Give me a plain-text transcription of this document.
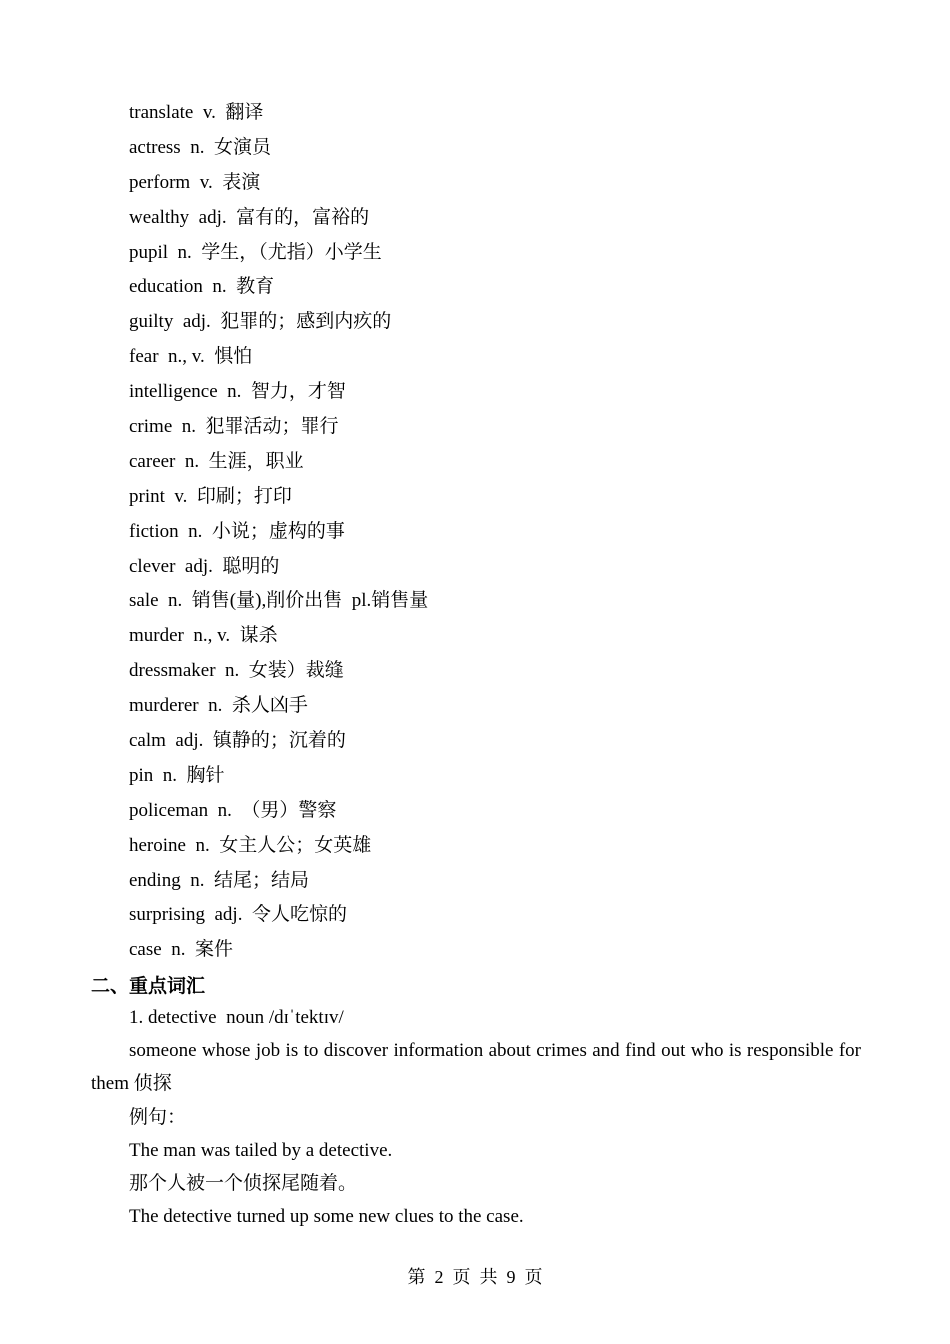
translate  v.  翻译
actress  n.  女演员
perform  v.  表演
wealthy  adj.  富有的，富裕的
pupil  n.  学生，（尤指）小学生
education  n.  教育
guilty  adj.  犯罪的；感到内疚的
fear  n., v.  惧怕
intelligence  n.  智力，才智
crime  n.  犯罪活动；罪行
career  n.  生涯，职业
print  v.  印刷；打印
fiction  n.  小说；虚构的事
clever  adj.  聪明的
sale  n.  销售(量),削价出售  pl.销售量
murder  n., v.  谋杀
dressmaker  n.  女装）裁缝
murderer  n.  杀人凶手
calm  adj.  镇静的；沉着的
pin  n.  胸针
policeman  n.  （男）警察
heroine  n.  女主人公；女英雄
ending  n.  结尾；结局
surprising  adj.  令人吃惊的
case  n.  案件
二、重点词汇
1. detective  noun /dɪˈtektɪv/
someone whose job is to discover information about crimes and find out who is responsible for them 侦探
例句：
The man was tailed by a detective.
那个人被一个侦探尾随着。
The detective turned up some new clues to the case.
第  2  页  共  9  页
